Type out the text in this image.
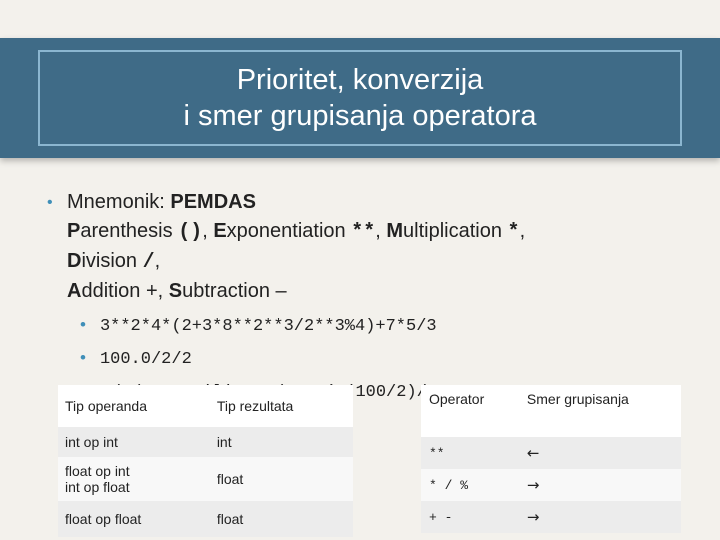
Prioritet, konverzija
i smer grupisanja operatora
• Mnemonik: PEMDAS
Parenthesis (), Exponentiation **, Multiplication *,
Division /,
Addition +, Subtraction –
• 3**2*4*(2+3*8**2**3/2**3%4)+7*5/3
• 100.0/2/2
(100/2)/2
Tip operanda	Tip rezultata
int op int	int
float op int
int op float	float
float op float	float
Operator	Smer grupisanja
**	←
* / %	→
+ -	→
